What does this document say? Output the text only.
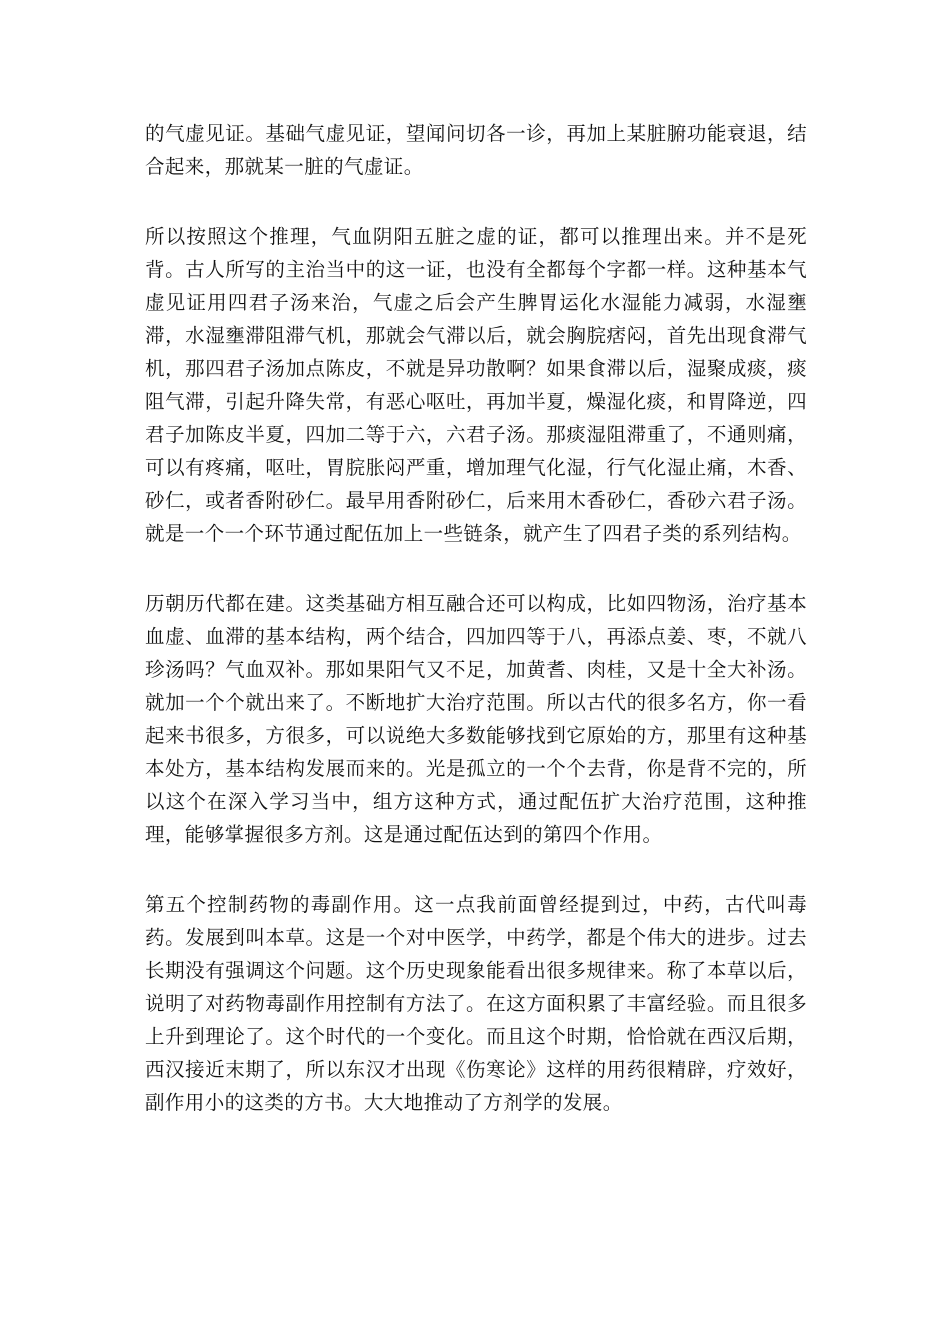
的气虚见证。基础气虚见证，望闻问切各一诊，再加上某脏腑功能衰退，结合起来，那就某一脏的气虚证。

所以按照这个推理，气血阴阳五脏之虚的证，都可以推理出来。并不是死背。古人所写的主治当中的这一证，也没有全都每个字都一样。这种基本气虚见证用四君子汤来治，气虚之后会产生脾胃运化水湿能力减弱，水湿壅滞，水湿壅滞阻滞气机，那就会气滞以后，就会胸脘痞闷，首先出现食滞气机，那四君子汤加点陈皮，不就是异功散啊？如果食滞以后，湿聚成痰，痰阻气滞，引起升降失常，有恶心呕吐，再加半夏，燥湿化痰，和胃降逆，四君子加陈皮半夏，四加二等于六，六君子汤。那痰湿阻滞重了，不通则痛，可以有疼痛，呕吐，胃脘胀闷严重，增加理气化湿，行气化湿止痛，木香、砂仁，或者香附砂仁。最早用香附砂仁，后来用木香砂仁，香砂六君子汤。就是一个一个环节通过配伍加上一些链条，就产生了四君子类的系列结构。

历朝历代都在建。这类基础方相互融合还可以构成，比如四物汤，治疗基本血虚、血滞的基本结构，两个结合，四加四等于八，再添点姜、枣，不就八珍汤吗？气血双补。那如果阳气又不足，加黄耆、肉桂，又是十全大补汤。就加一个个就出来了。不断地扩大治疗范围。所以古代的很多名方，你一看起来书很多，方很多，可以说绝大多数能够找到它原始的方，那里有这种基本处方，基本结构发展而来的。光是孤立的一个个去背，你是背不完的，所以这个在深入学习当中，组方这种方式，通过配伍扩大治疗范围，这种推理，能够掌握很多方剂。这是通过配伍达到的第四个作用。

第五个控制药物的毒副作用。这一点我前面曾经提到过，中药，古代叫毒药。发展到叫本草。这是一个对中医学，中药学，都是个伟大的进步。过去长期没有强调这个问题。这个历史现象能看出很多规律来。称了本草以后，说明了对药物毒副作用控制有方法了。在这方面积累了丰富经验。而且很多上升到理论了。这个时代的一个变化。而且这个时期，恰恰就在西汉后期，西汉接近末期了，所以东汉才出现《伤寒论》这样的用药很精辟，疗效好，副作用小的这类的方书。大大地推动了方剂学的发展。
